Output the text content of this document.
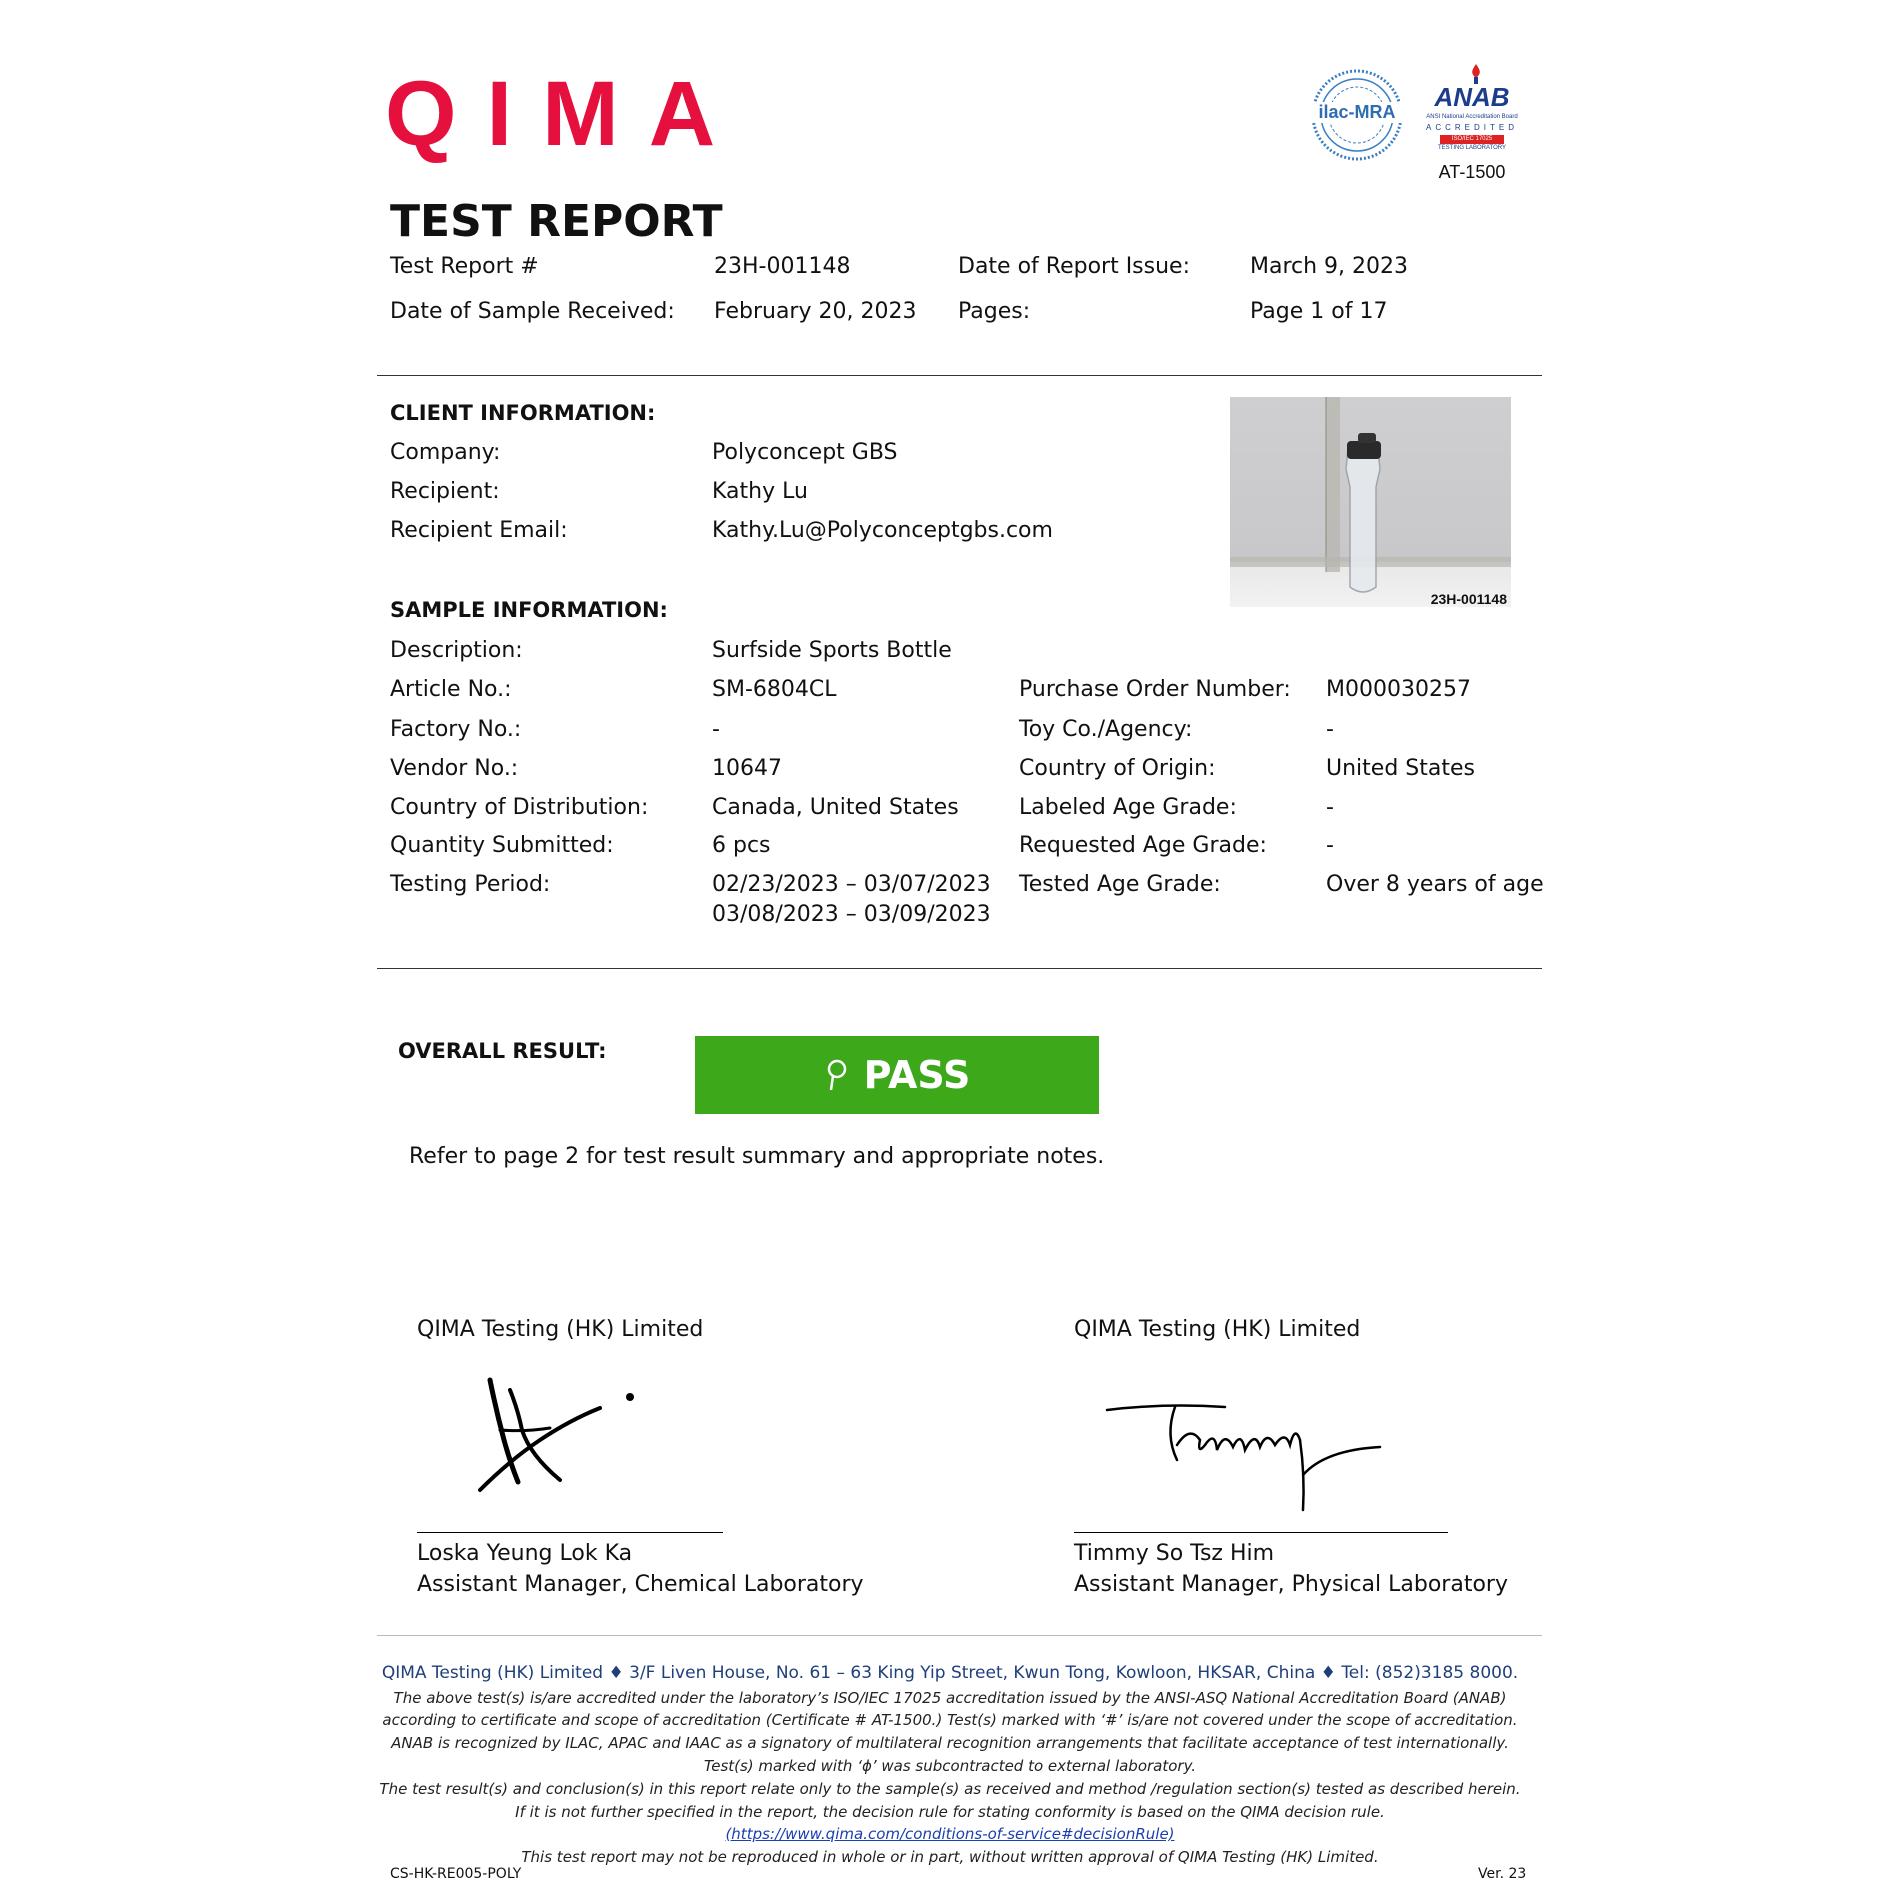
QIMA	ilac-MRA	ANAB
ANSI National Accreditation Board
ACCREDITED
ISO/IEC 17025
TESTING LABORATORY
AT-1500
TEST REPORT
Test Report #	23H-001148	Date of Report Issue:	March 9, 2023
Date of Sample Received: February 20, 2023 Pages:	Page 1 of 17
CLIENT INFORMATION:
Company:	Polyconcept GBS
Recipient:	Kathy Lu
Recipient Email:	Kathy.Lu@Polyconceptgbs.com
23H-001148
SAMPLE INFORMATION:
Description:	Surfside Sports Bottle
Article No.:	SM-6804CL	Purchase Order Number: M000030257
Factory No.:	-	Toy Co./Agency:	-
Vendor No.:	10647	Country of Origin:	United States
Country of Distribution:	Canada, United States	Labeled Age Grade:	-
Quantity Submitted:	6 pcs	Requested Age Grade:	-
Testing Period:	02/23/2023 – 03/07/2023
03/08/2023 – 03/09/2023
Tested Age Grade:	Over 8 years of age
OVERALL RESULT:
PASS
Refer to page 2 for test result summary and appropriate notes.
QIMA Testing (HK) Limited
Loska Yeung Lok Ka
Assistant Manager, Chemical Laboratory
QIMA Testing (HK) Limited
Timmy So Tsz Him
Assistant Manager, Physical Laboratory
QIMA Testing (HK) Limited ♦ 3/F Liven House, No. 61 – 63 King Yip Street, Kwun Tong, Kowloon, HKSAR, China ♦ Tel: (852)3185 8000.
The above test(s) is/are accredited under the laboratory’s ISO/IEC 17025 accreditation issued by the ANSI-ASQ National Accreditation Board (ANAB)
according to certificate and scope of accreditation (Certificate # AT-1500.) Test(s) marked with ‘#’ is/are not covered under the scope of accreditation.
ANAB is recognized by ILAC, APAC and IAAC as a signatory of multilateral recognition arrangements that facilitate acceptance of test internationally.
Test(s) marked with ‘ϕ’ was subcontracted to external laboratory.
The test result(s) and conclusion(s) in this report relate only to the sample(s) as received and method /regulation section(s) tested as described herein.
If it is not further specified in the report, the decision rule for stating conformity is based on the QIMA decision rule.
(https://www.qima.com/conditions-of-service#decisionRule)
This test report may not be reproduced in whole or in part, without written approval of QIMA Testing (HK) Limited.
CS-HK-RE005-POLY	Ver. 23
